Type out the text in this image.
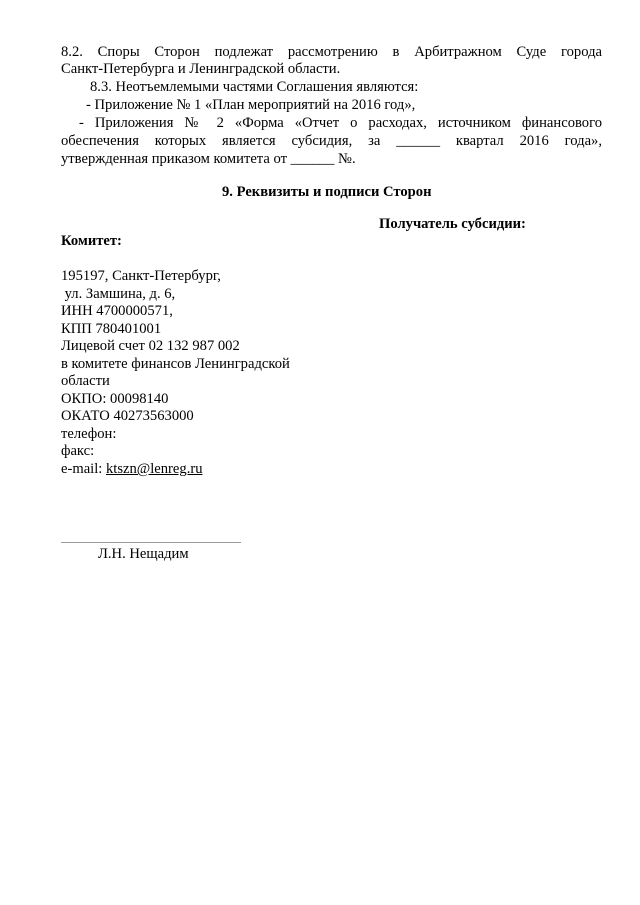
8.2. Споры Сторон подлежат рассмотрению в Арбитражном Суде города
Санкт-Петербурга и Ленинградской области.
8.3. Неотъемлемыми частями Соглашения являются:
- Приложение № 1 «План мероприятий на 2016 год»,
- Приложения № 2 «Форма «Отчет о расходах, источником финансового
обеспечения которых является субсидия, за ______ квартал 2016 года»,
утвержденная приказом комитета от ______ №.
9. Реквизиты и подписи Сторон
Получатель субсидии:
Комитет:
195197, Санкт-Петербург,
ул. Замшина, д. 6,
ИНН 4700000571,
КПП 780401001
Лицевой счет 02 132 987 002
в комитете финансов Ленинградской
области
ОКПО: 00098140
ОКАТО 40273563000
телефон:
факс:
e-mail: ktszn@lenreg.ru
Л.Н. Нещадим
